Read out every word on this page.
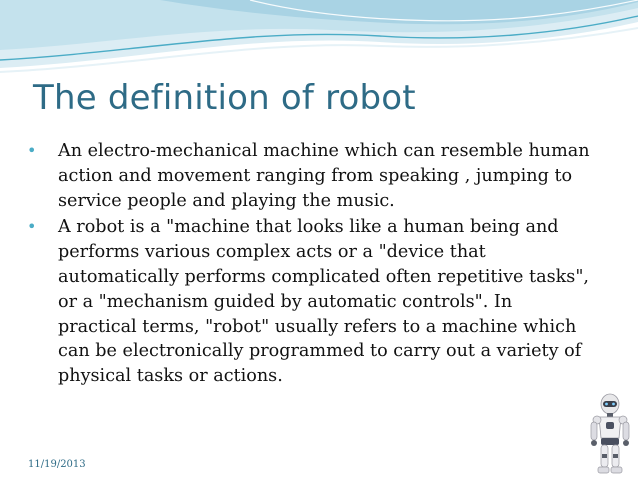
The definition of robot
• An electro-mechanical machine which can resemble human action and movement ranging from speaking , jumping to service people and playing the music.
• A robot is a "machine that looks like a human being and performs various complex acts or a "device that automatically performs complicated often repetitive tasks", or a "mechanism guided by automatic controls". In practical terms, "robot" usually refers to a machine which can be electronically programmed to carry out a variety of physical tasks or actions.
11/19/2013
